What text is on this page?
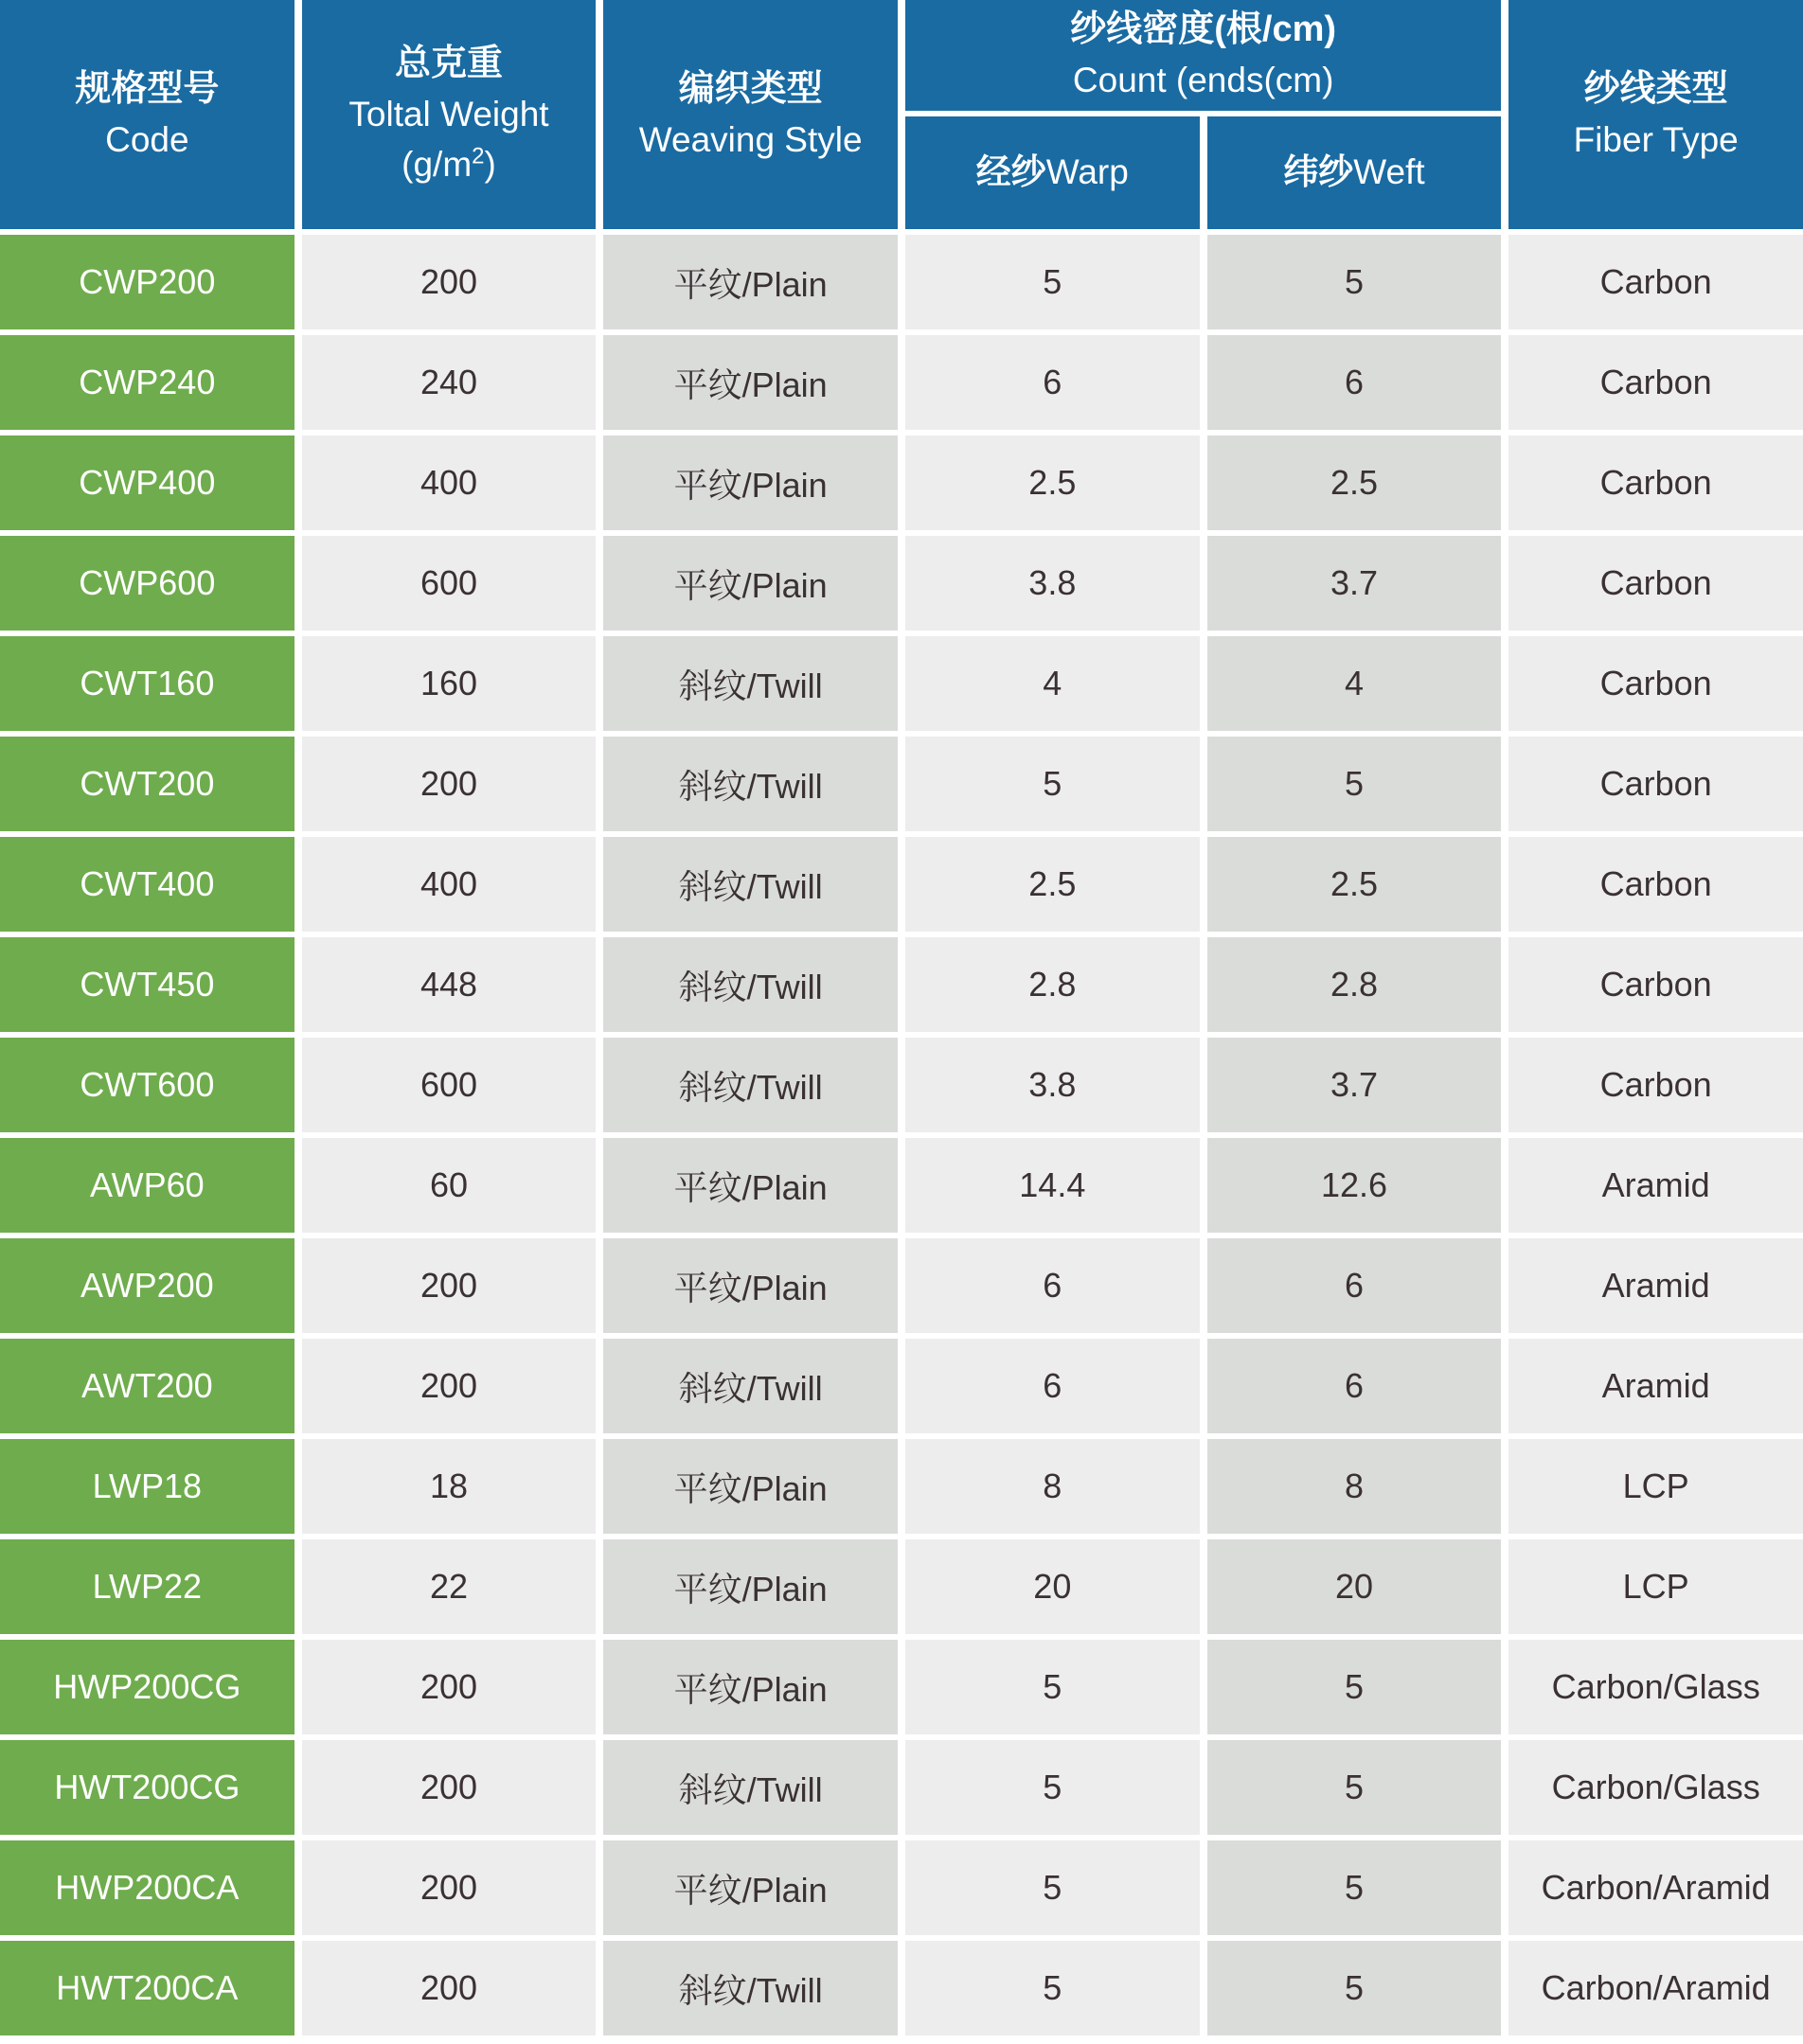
规格型号
Code
总克重
Toltal Weight
$(g/m^2)$
编织类型
Weaving Style
纱线密度(根/cm)
Count (ends(cm)
经纱 Warp	纬纱 Weft
纱线类型
Fiber Type
CWP200	200	平纹/Plain	5	5	Carbon
CWP240	240	平纹/Plain	6	6	Carbon
CWP400	400	平纹/Plain	2.5	2.5	Carbon
CWP600	600	平纹/Plain	3.8	3.7	Carbon
CWT160	160	斜纹/Twill	4	4	Carbon
CWT200	200	斜纹/Twill	5	5	Carbon
CWT400	400	斜纹/Twill	2.5	2.5	Carbon
CWT450	448	斜纹/Twill	2.8	2.8	Carbon
CWT600	600	斜纹/Twill	3.8	3.7	Carbon
AWP60	60	平纹/Plain	14.4	12.6	Aramid
AWP200	200	平纹/Plain	6	6	Aramid
AWT200	200	斜纹/Twill	6	6	Aramid
LWP18	18	平纹/Plain	8	8	LCP
LWP22	22	平纹/Plain	20	20	LCP
HWP200CG	200	平纹/Plain	5	5	Carbon/Glass
HWT200CG	200	斜纹/Twill	5	5	Carbon/Glass
HWP200CA	200	平纹/Plain	5	5	Carbon/Aramid
HWT200CA	200	斜纹/Twill	5	5	Carbon/Aramid
